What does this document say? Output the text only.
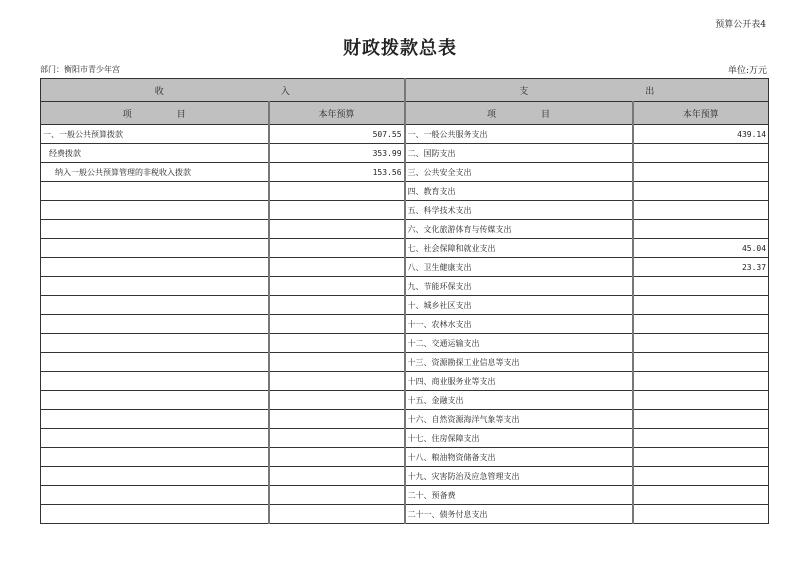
预算公开表4
财政拨款总表
部门：衡阳市青少年宫	单位:万元
收　　　　　　　　　　　　　入		支　　　　　　　　　　　　　出	
项　　　　　目	本年预算	项　　　　　目	本年预算
一、一般公共预算拨款	507.55	一、一般公共服务支出	439.14
经费拨款	353.99	二、国防支出	
纳入一般公共预算管理的非税收入拨款	153.56	三、公共安全支出	
		四、教育支出	
		五、科学技术支出	
		六、文化旅游体育与传媒支出	
		七、社会保障和就业支出	45.04
		八、卫生健康支出	23.37
		九、节能环保支出	
		十、城乡社区支出	
		十一、农林水支出	
		十二、交通运输支出	
		十三、资源勘探工业信息等支出	
		十四、商业服务业等支出	
		十五、金融支出	
		十六、自然资源海洋气象等支出	
		十七、住房保障支出	
		十八、粮油物资储备支出	
		十九、灾害防治及应急管理支出	
		二十、预备费	
		二十一、债务付息支出	
